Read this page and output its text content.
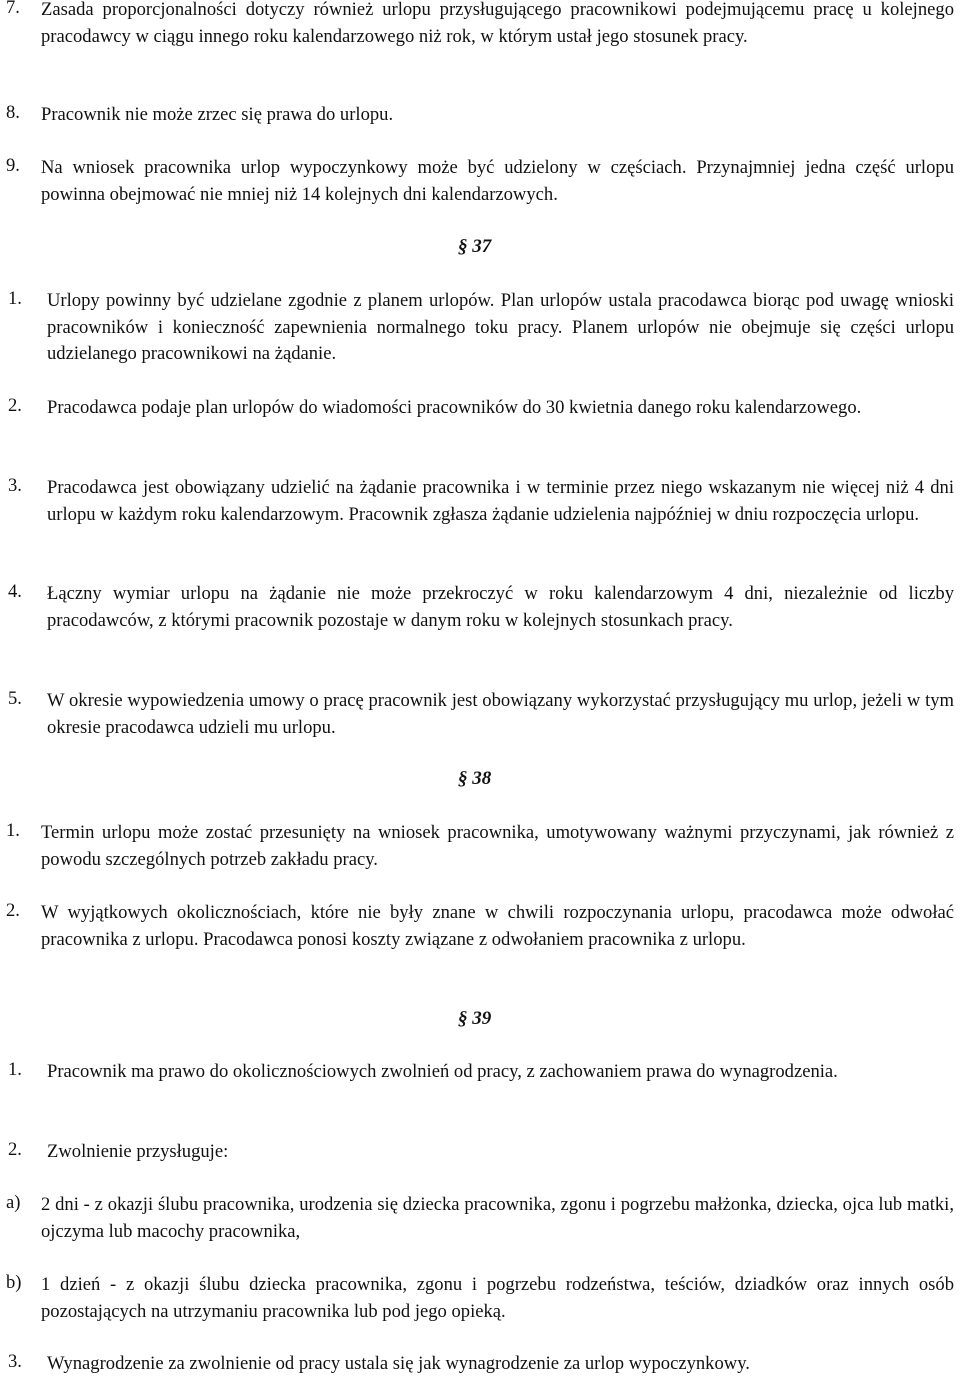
7. Zasada proporcjonalności dotyczy również urlopu przysługującego pracownikowi podejmującemu pracę u kolejnego pracodawcy w ciągu innego roku kalendarzowego niż rok, w którym ustał jego stosunek pracy.
8. Pracownik nie może zrzec się prawa do urlopu.
9. Na wniosek pracownika urlop wypoczynkowy może być udzielony w częściach. Przynajmniej jedna część urlopu powinna obejmować nie mniej niż 14 kolejnych dni kalendarzowych.
§ 37
1. Urlopy powinny być udzielane zgodnie z planem urlopów. Plan urlopów ustala pracodawca biorąc pod uwagę wnioski pracowników i konieczność zapewnienia normalnego toku pracy. Planem urlopów nie obejmuje się części urlopu udzielanego pracownikowi na żądanie.
2. Pracodawca podaje plan urlopów do wiadomości pracowników do 30 kwietnia danego roku kalendarzowego.
3. Pracodawca jest obowiązany udzielić na żądanie pracownika i w terminie przez niego wskazanym nie więcej niż 4 dni urlopu w każdym roku kalendarzowym. Pracownik zgłasza żądanie udzielenia najpóźniej w dniu rozpoczęcia urlopu.
4. Łączny wymiar urlopu na żądanie nie może przekroczyć w roku kalendarzowym 4 dni, niezależnie od liczby pracodawców, z którymi pracownik pozostaje w danym roku w kolejnych stosunkach pracy.
5. W okresie wypowiedzenia umowy o pracę pracownik jest obowiązany wykorzystać przysługujący mu urlop, jeżeli w tym okresie pracodawca udzieli mu urlopu.
§ 38
1. Termin urlopu może zostać przesunięty na wniosek pracownika, umotywowany ważnymi przyczynami, jak również z powodu szczególnych potrzeb zakładu pracy.
2. W wyjątkowych okolicznościach, które nie były znane w chwili rozpoczynania urlopu, pracodawca może odwołać pracownika z urlopu. Pracodawca ponosi koszty związane z odwołaniem pracownika z urlopu.
§ 39
1. Pracownik ma prawo do okolicznościowych zwolnień od pracy, z zachowaniem prawa do wynagrodzenia.
2. Zwolnienie przysługuje:
a) 2 dni - z okazji ślubu pracownika, urodzenia się dziecka pracownika, zgonu i pogrzebu małżonka, dziecka, ojca lub matki, ojczyma lub macochy pracownika,
b) 1 dzień - z okazji ślubu dziecka pracownika, zgonu i pogrzebu rodzeństwa, teściów, dziadków oraz innych osób pozostających na utrzymaniu pracownika lub pod jego opieką.
3. Wynagrodzenie za zwolnienie od pracy ustala się jak wynagrodzenie za urlop wypoczynkowy.
